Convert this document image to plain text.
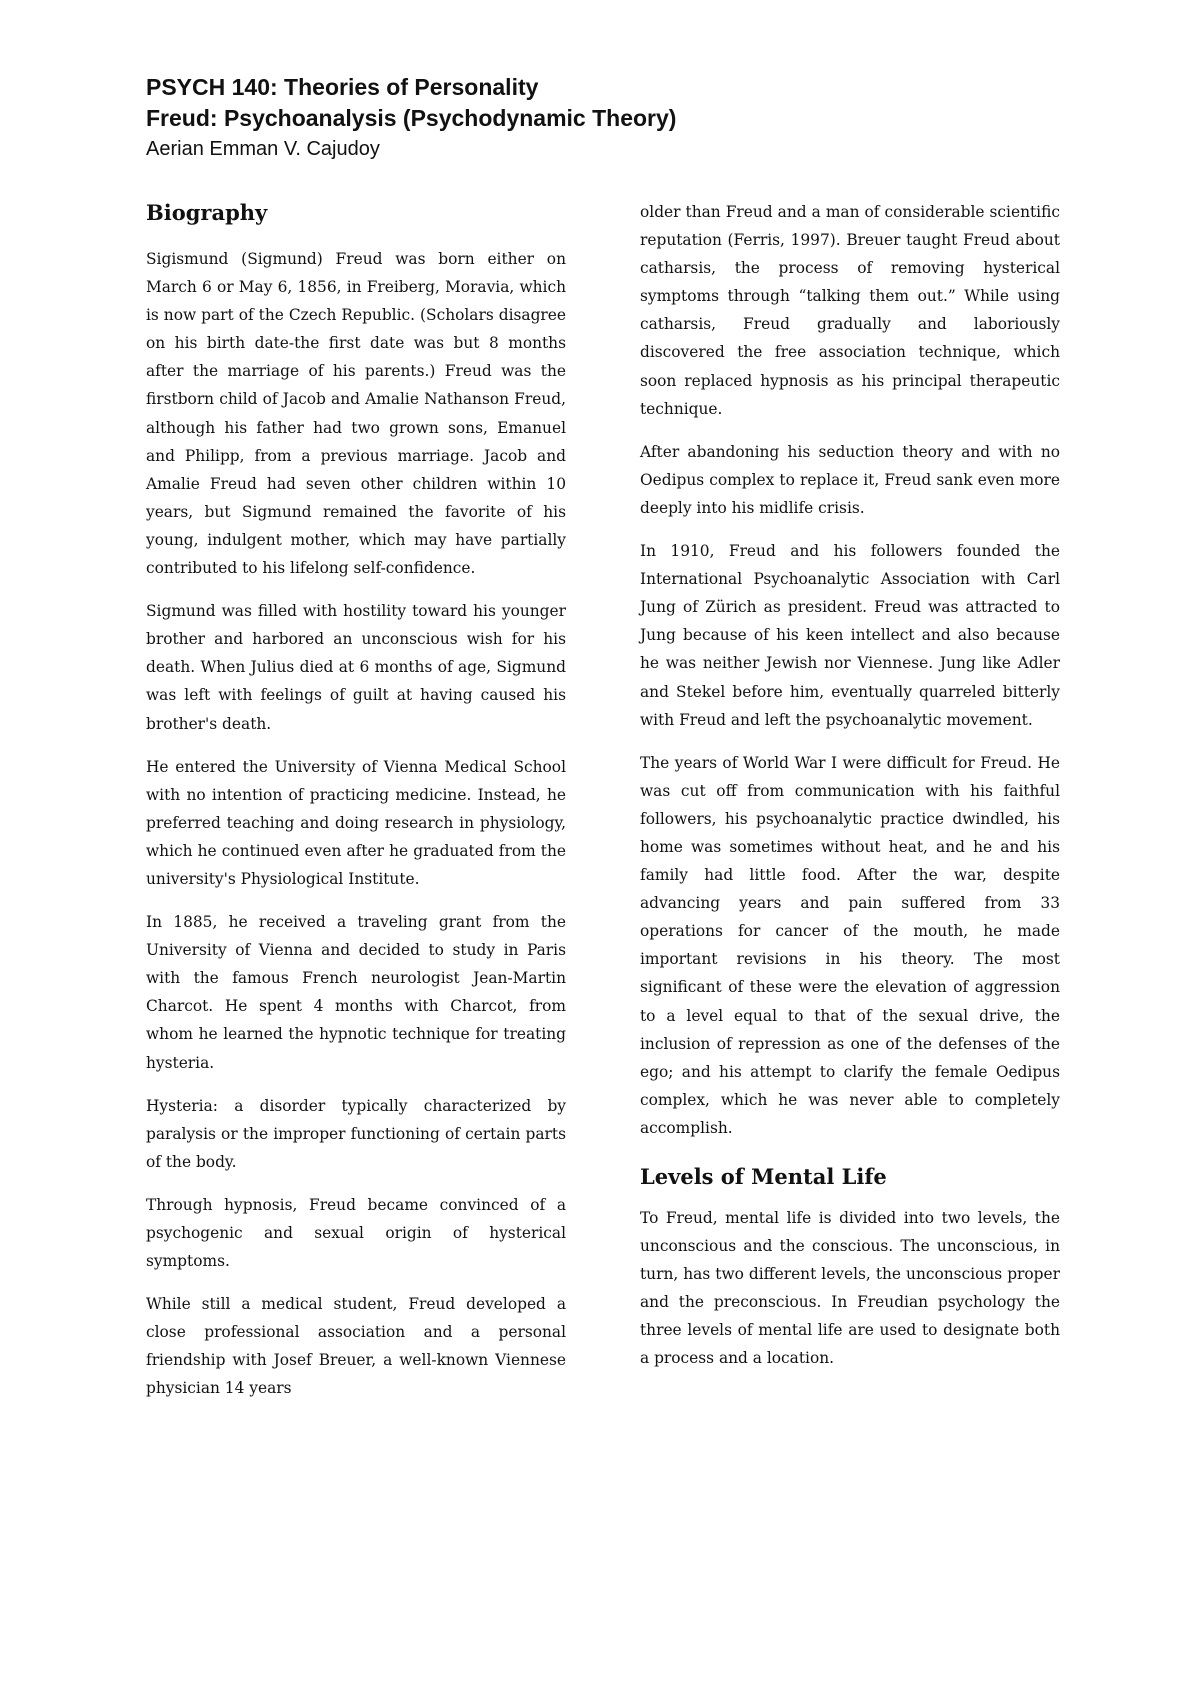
PSYCH 140: Theories of Personality
Freud: Psychoanalysis (Psychodynamic Theory)
Aerian Emman V. Cajudoy
Biography

Sigismund (Sigmund) Freud was born either on March 6 or May 6, 1856, in Freiberg, Moravia, which is now part of the Czech Republic. (Scholars disagree on his birth date-the first date was but 8 months after the marriage of his parents.) Freud was the firstborn child of Jacob and Amalie Nathanson Freud, although his father had two grown sons, Emanuel and Philipp, from a previous marriage. Jacob and Amalie Freud had seven other children within 10 years, but Sigmund remained the favorite of his young, indulgent mother, which may have partially contributed to his lifelong self-confidence.

Sigmund was filled with hostility toward his younger brother and harbored an unconscious wish for his death. When Julius died at 6 months of age, Sigmund was left with feelings of guilt at having caused his brother's death.

He entered the University of Vienna Medical School with no intention of practicing medicine. Instead, he preferred teaching and doing research in physiology, which he continued even after he graduated from the university's Physiological Institute.

In 1885, he received a traveling grant from the University of Vienna and decided to study in Paris with the famous French neurologist Jean-Martin Charcot. He spent 4 months with Charcot, from whom he learned the hypnotic technique for treating hysteria.

Hysteria: a disorder typically characterized by paralysis or the improper functioning of certain parts of the body.

Through hypnosis, Freud became convinced of a psychogenic and sexual origin of hysterical symptoms.

While still a medical student, Freud developed a close professional association and a personal friendship with Josef Breuer, a well-known Viennese physician 14 years

older than Freud and a man of considerable scientific reputation (Ferris, 1997). Breuer taught Freud about catharsis, the process of removing hysterical symptoms through “talking them out.” While using catharsis, Freud gradually and laboriously discovered the free association technique, which soon replaced hypnosis as his principal therapeutic technique.

After abandoning his seduction theory and with no Oedipus complex to replace it, Freud sank even more deeply into his midlife crisis.

In 1910, Freud and his followers founded the International Psychoanalytic Association with Carl Jung of Zürich as president. Freud was attracted to Jung because of his keen intellect and also because he was neither Jewish nor Viennese. Jung like Adler and Stekel before him, eventually quarreled bitterly with Freud and left the psychoanalytic movement.

The years of World War I were difficult for Freud. He was cut off from communication with his faithful followers, his psychoanalytic practice dwindled, his home was sometimes without heat, and he and his family had little food. After the war, despite advancing years and pain suffered from 33 operations for cancer of the mouth, he made important revisions in his theory. The most significant of these were the elevation of aggression to a level equal to that of the sexual drive, the inclusion of repression as one of the defenses of the ego; and his attempt to clarify the female Oedipus complex, which he was never able to completely accomplish.

Levels of Mental Life

To Freud, mental life is divided into two levels, the unconscious and the conscious. The unconscious, in turn, has two different levels, the unconscious proper and the preconscious. In Freudian psychology the three levels of mental life are used to designate both a process and a location.
